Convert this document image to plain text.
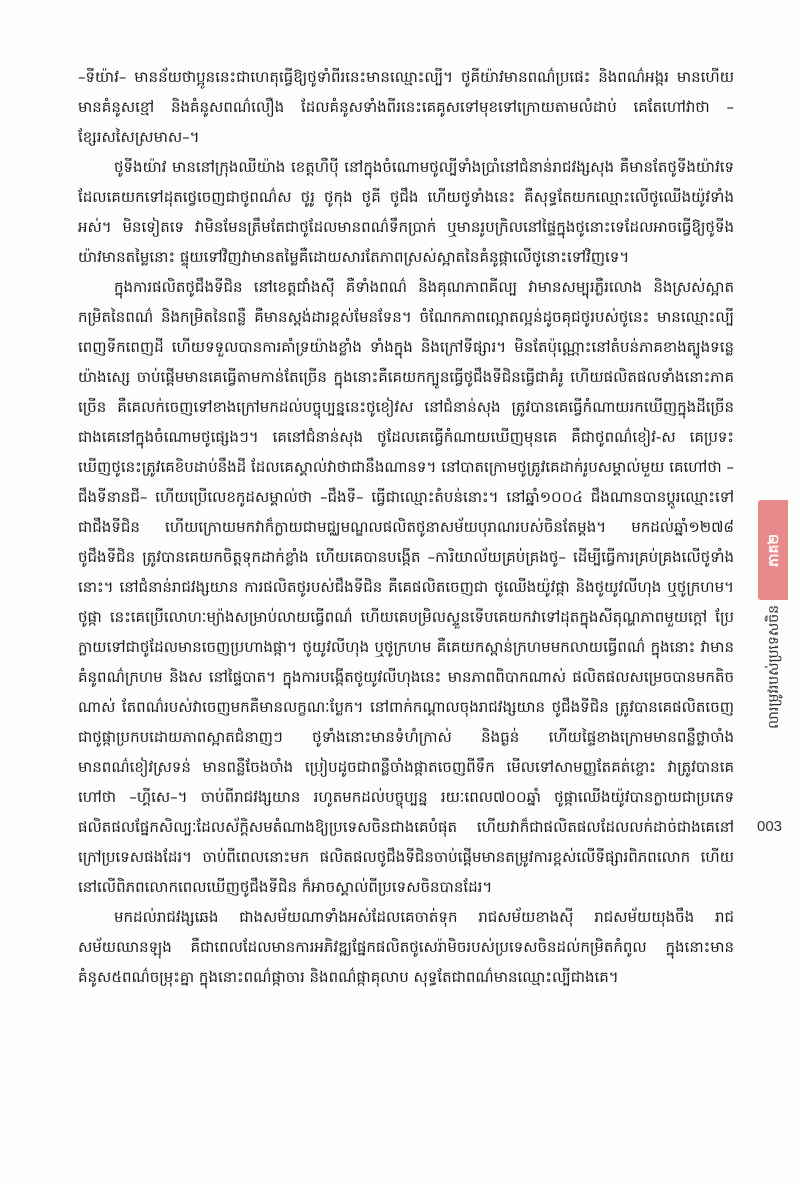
–ទីយ៉ាវ– មានន័យថាប្អូននេះជាហេតុធ្វើឱ្យថូទាំពីរនេះមានឈ្មោះល្បី។ ថូគីយ៉ាវមានពណ៌ប្រផេះ និងពណ៌អង្ករ មានហើយមានគំនូសខ្មៅ និងគំនូសពណ៌លឿង ដែលគំនូសទាំងពីរនេះគេគូសទៅមុខទៅក្រោយតាមលំដាប់ គេតែហៅវាថា –ខ្សែរសសៃស្រមាស–។

ថូទីងយ៉ាវ មាននៅក្រុងឈីយ៉ាង ខេត្តហឺប៉ី នៅក្នុងចំណោមថូល្បីទាំងប្រាំនៅជំនាន់រាជវង្សសុង គឺមានតែថូទីងយ៉ាវទេដែលគេយកទៅដុតថ្វេចេញជាថូពណ៌ស ថូរូ ថូកុង ថូគី ថូជឹង ហើយថូទាំងនេះ គឺសុទ្ធតែយកឈ្មោះលើថូឈើងយ៉ូវទាំង អស់។ មិនទៀតទេ វាមិនមែនត្រឹមតែជាថូដែលមានពណ៌ទឹកប្រាក់ ឬមានរូបក្រិលនៅផ្ទៃក្នុងថូនោះទេដែលអាចធ្វើឱ្យថូទីងយ៉ាវមានតម្លៃនោះ ផ្ទុយទៅវិញវាមានតម្លៃគឺដោយសារតែភាពស្រស់ស្អាតនៃគំនូផ្កាលើថូនោះទៅវិញទេ។

ក្នុងការផលិតថូជឹងទីជិន នៅខេត្តជាំងស៊ី គឺទាំងពណ៌ និងគុណភាពគីល្ប វាមានសម្បុរភ្លឺរលោង និងស្រស់ស្អាត កម្រិតនៃពណ៌ និងកម្រិតនៃពន្លឺ គឺមានស្តង់ដារខ្ពស់មែនទែន។ ចំណែកភាពល្អោតល្អន់ដូចគុជថូរបស់ថូនេះ មានឈ្មោះល្បីពេញទីកពេញដី ហើយទទួលបានការគាំទ្រយ៉ាងខ្លាំង ទាំងក្នុង និងក្រៅទីផ្សារ។ មិនតែប៉ុណ្ណោះនៅតំបន់ភាគខាងត្បូងទន្លេយ៉ាងស្សេ ចាប់ផ្តើមមានគេធ្វើតាមកាន់តែច្រើន ក្នុងនោះគឺគេយកក្បូនធ្វើថូជឹងទីជិនធ្វើជាគំរូ ហើយផលិតផលទាំងនោះភាគច្រើន គឺគេលក់ចេញទៅខាងក្រៅមកដល់បច្ចុប្បន្ននេះថូខៀវស នៅជំនាន់សុង ត្រូវបានគេធ្វើកំណាយរកឃើញក្នុងដីច្រើនជាងគេនៅក្នុងចំណោមថូផ្សេងៗ។ គេនៅជំនាន់សុង ថូដែលគេធ្វើកំណាយឃើញមុនគេ គឺជាថូពណ៌ខៀវ-ស គេប្រទះឃើញថូនេះត្រូវគេខិបដាប់នឹងដី ដែលគេស្គាល់វាថាជានឹងណានទ។ នៅបាតក្រោមថូត្រូវគេដាក់រូបសម្គាល់មួយ គេហៅថា –ជឹងទីនានជី– ហើយប្រើលេខកូដសម្គាល់ថា –ជឹងទី– ធ្វើជាឈ្មោះតំបន់នោះ។ នៅឆ្នាំ១០០៤ ជឹងណានបានប្តូរឈ្មោះទៅជាជឹងទីជិន ហើយក្រោយមកវាក៏ក្លាយជាមជ្ឈមណ្ឌលផលិតថូនាសម័យបុរាណរបស់ចិនតែម្តង។ មកដល់ឆ្នាំ១២៧៨ ថូជឹងទីជិន ត្រូវបានគេយកចិត្តទុកដាក់ខ្លាំង ហើយគេបានបង្កើត –ការិយាល័យគ្រប់គ្រងថូ– ដើម្បីធ្វើការគ្រប់គ្រងលើថូទាំងនោះ។ នៅជំនាន់រាជវង្សយាន ការផលិតថូរបស់ជឹងទីជិន គឺគេផលិតចេញជា ថូឈើងយ៉ូវផ្កា និងថូយូវលីហុង ឬថូក្រហម។ ថូផ្កា នេះគេប្រើលោហៈម្យ៉ាងសម្រាប់លាយធ្វើពណ៌ ហើយគេបម្រិលស្ទួនទើបគេយកវាទៅដុតក្នុងសីតុណ្ហភាពមួយក្តៅ ប្រែក្លាយទៅជាថូដែលមានចេញប្រហាងផ្កា។ ថូយូវលីហុង ឬថូក្រហម គឺគេយកស្ពាន់ក្រហមមកលាយធ្វើពណ៌ ក្នុងនោះ វាមានគំនូពណ៌ក្រហម និងស នៅផ្ទៃបាត។ ក្នុងការបង្កើតថូយូវលីហុងនេះ មានភាពពិបាកណាស់ ផលិតផលសម្រេចបានមកតិចណាស់ តែពណ៌របស់វាចេញមកគឺមានលក្ខណៈប្លែក។ នៅពាក់កណ្តាលចុងរាជវង្សយាន ថូជឹងទីជិន ត្រូវបានគេផលិតចេញជាថូផ្កាប្រកបដោយភាពស្អាតជំនាញៗ ថូទាំងនោះមានទំហំក្រាស់ និងធ្ងន់ ហើយផ្ទៃខាងក្រោមមានពន្លឺថ្លាចាំងមានពណ៌ខៀវស្រទន់ មានពន្លឺចែងចាំង ប្រៀបដូចជាពន្លឺចាំងផ្កាតចេញពីទឹក មើលទៅសាមញ្ញតែគត់ខ្ចោះ វាត្រូវបានគេហៅថា –ហ្គីសេ–។ ចាប់ពីរាជវង្សយាន រហូតមកដល់បច្ចុប្បន្ន រយៈពេល៧០០ឆ្នាំ ថូផ្កាឈើងយ៉ូវបានក្លាយជាប្រភេទផលិតផលផ្នែកសិល្បៈដែលស័ក្តិសមតំណាងឱ្យប្រទេសចិនជាងគេបំផុត ហើយវាក៏ជាផលិតផលដែលលក់ដាច់ជាងគេនៅក្រៅប្រទេសផងដែរ។ ចាប់ពីពេលនោះមក ផលិតផលថូជឹងទីជិនចាប់ផ្តើមមានតម្រូវការខ្ពស់លើទីផ្សារពិភពលោក ហើយនៅលើពិភពលោកពេលឃើញថូជឹងទីជិន ក៏អាចស្គាល់ពីប្រទេសចិនបានដែរ។

មកដល់រាជវង្សឆេង ជាងសម័យណាទាំងអស់ដែលគេចាត់ទុក រាជសម័យខាងស៊ី រាជសម័យយុងចឹង រាជសម័យឈានឡុង គឺជាពេលដែលមានការអភិវឌ្ឍផ្នែកផលិតថូសេរ៉ាមិចរបស់ប្រទេសចិនដល់កម្រិតកំពូល ក្នុងនោះមានគំនូស៥ពណ៌ចម្រុះគ្នា ក្នុងនោះពណ៌ផ្កាចារ និងពណ៌ផ្កាគុលាប សុទ្ធតែជាពណ៌មានឈ្មោះល្បីជាងគេ។

ភាគ២
លារម្រូវរបស់ប្រទេសចិន
003
